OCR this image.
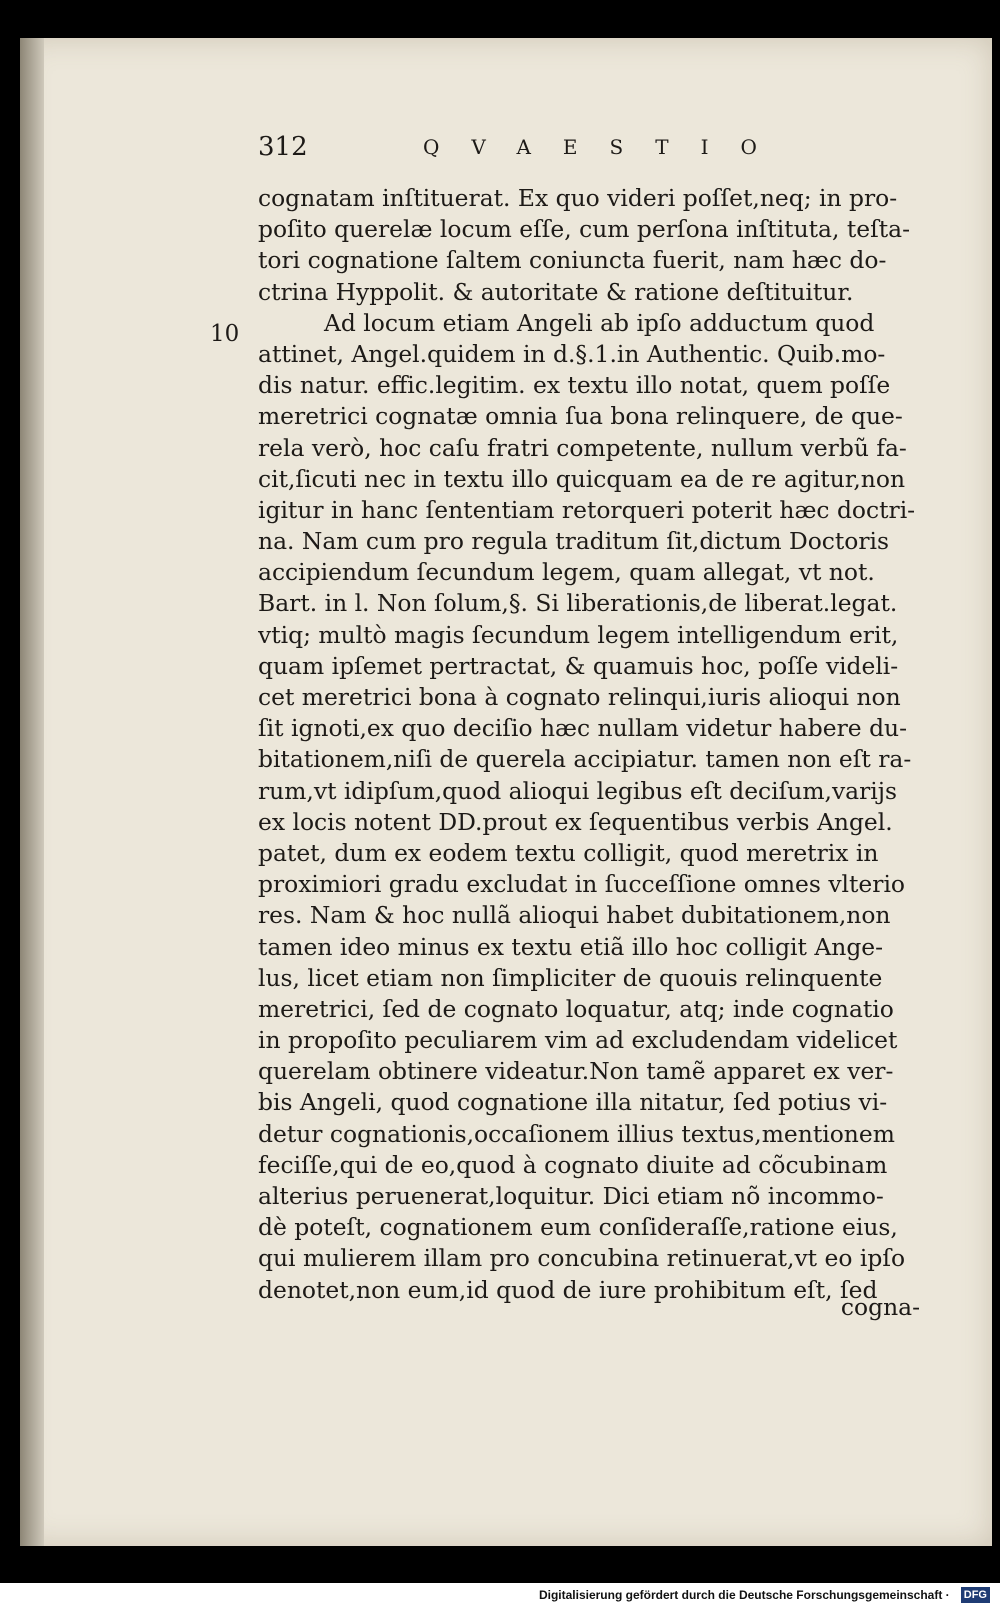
312	QVAESTIO
10
cognatam inſtituerat. Ex quo videri poſſet,neq; in pro-
poſito querelæ locum eſſe, cum perſona inſtituta, teſta-
tori cognatione ſaltem coniuncta fuerit, nam hæc do-
ctrina Hyppolit. & autoritate & ratione deſtituitur.
Ad locum etiam Angeli ab ipſo adductum quod
attinet, Angel.quidem in d.§.1.in Authentic. Quib.mo-
dis natur. effic.legitim. ex textu illo notat, quem poſſe
meretrici cognatæ omnia ſua bona relinquere, de que-
rela verò, hoc caſu fratri competente, nullum verbũ fa-
cit,ſicuti nec in textu illo quicquam ea de re agitur,non
igitur in hanc ſententiam retorqueri poterit hæc doctri-
na. Nam cum pro regula traditum ſit,dictum Doctoris
accipiendum ſecundum legem, quam allegat, vt not.
Bart. in l. Non ſolum,§. Si liberationis,de liberat.legat.
vtiq; multò magis ſecundum legem intelligendum erit,
quam ipſemet pertractat, & quamuis hoc, poſſe videli-
cet meretrici bona à cognato relinqui,iuris alioqui non
ſit ignoti,ex quo deciſio hæc nullam videtur habere du-
bitationem,niſi de querela accipiatur. tamen non eſt ra-
rum,vt idipſum,quod alioqui legibus eſt deciſum,varijs
ex locis notent DD.prout ex ſequentibus verbis Angel.
patet, dum ex eodem textu colligit, quod meretrix in
proximiori gradu excludat in ſucceſſione omnes vlterio
res. Nam & hoc nullã alioqui habet dubitationem,non
tamen ideo minus ex textu etiã illo hoc colligit Ange-
lus, licet etiam non ſimpliciter de quouis relinquente
meretrici, ſed de cognato loquatur, atq; inde cognatio
in propoſito peculiarem vim ad excludendam videlicet
querelam obtinere videatur.Non tamẽ apparet ex ver-
bis Angeli, quod cognatione illa nitatur, ſed potius vi-
detur cognationis,occaſionem illius textus,mentionem
feciſſe,qui de eo,quod à cognato diuite ad cõcubinam
alterius peruenerat,loquitur. Dici etiam nõ incommo-
dè poteſt, cognationem eum conſideraſſe,ratione eius,
qui mulierem illam pro concubina retinuerat,vt eo ipſo
denotet,non eum,id quod de iure prohibitum eſt, ſed
cogna-
Digitalisierung gefördert durch die Deutsche Forschungsgemeinschaft · DFG
